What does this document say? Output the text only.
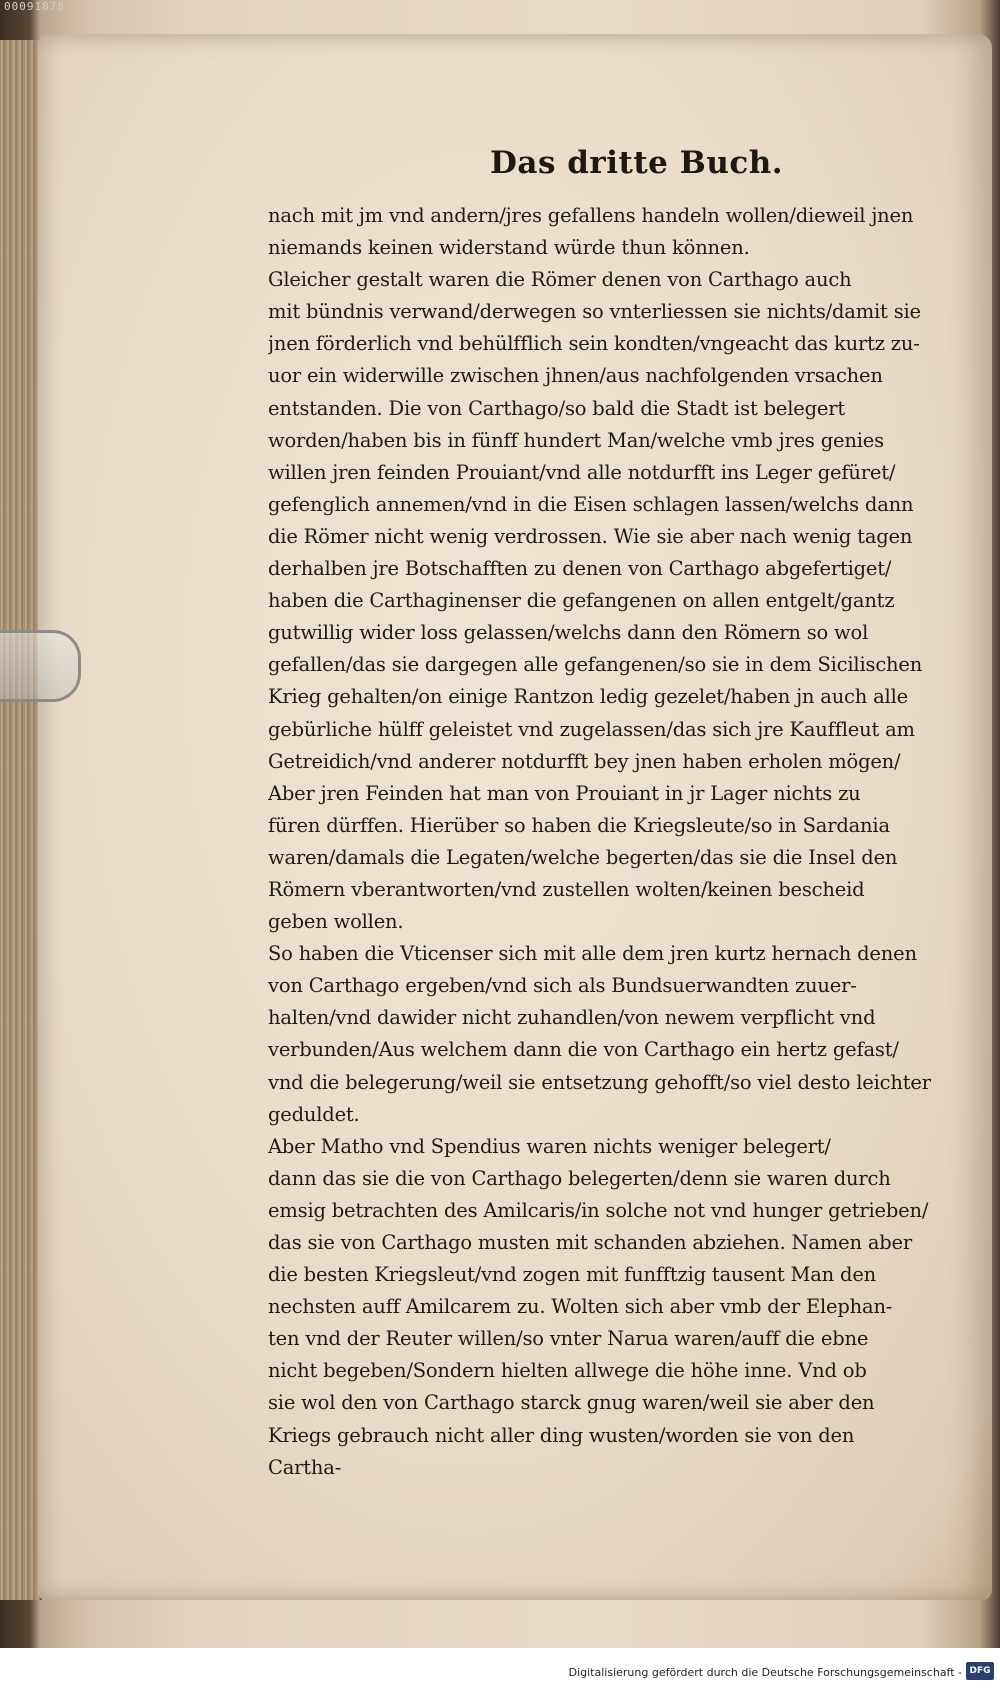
00091878
Das dritte Buch.
nach mit jm vnd andern/jres gefallens handeln wollen/dieweil jnen
niemands keinen widerstand würde thun können.
Gleicher gestalt waren die Römer denen von Carthago auch
mit bündnis verwand/derwegen so vnterliessen sie nichts/damit sie
jnen förderlich vnd behülfflich sein kondten/vngeacht das kurtz zu-
uor ein widerwille zwischen jhnen/aus nachfolgenden vrsachen
entstanden. Die von Carthago/so bald die Stadt ist belegert
worden/haben bis in fünff hundert Man/welche vmb jres genies
willen jren feinden Prouiant/vnd alle notdurfft ins Leger gefüret/
gefenglich annemen/vnd in die Eisen schlagen lassen/welchs dann
die Römer nicht wenig verdrossen. Wie sie aber nach wenig tagen
derhalben jre Botschafften zu denen von Carthago abgefertiget/
haben die Carthaginenser die gefangenen on allen entgelt/gantz
gutwillig wider loss gelassen/welchs dann den Römern so wol
gefallen/das sie dargegen alle gefangenen/so sie in dem Sicilischen
Krieg gehalten/on einige Rantzon ledig gezelet/haben jn auch alle
gebürliche hülff geleistet vnd zugelassen/das sich jre Kauffleut am
Getreidich/vnd anderer notdurfft bey jnen haben erholen mögen/
Aber jren Feinden hat man von Prouiant in jr Lager nichts zu
füren dürffen. Hierüber so haben die Kriegsleute/so in Sardania
waren/damals die Legaten/welche begerten/das sie die Insel den
Römern vberantworten/vnd zustellen wolten/keinen bescheid
geben wollen.
So haben die Vticenser sich mit alle dem jren kurtz hernach denen
von Carthago ergeben/vnd sich als Bundsuerwandten zuuer-
halten/vnd dawider nicht zuhandlen/von newem verpflicht vnd
verbunden/Aus welchem dann die von Carthago ein hertz gefast/
vnd die belegerung/weil sie entsetzung gehofft/so viel desto leichter
geduldet.
Aber Matho vnd Spendius waren nichts weniger belegert/
dann das sie die von Carthago belegerten/denn sie waren durch
emsig betrachten des Amilcaris/in solche not vnd hunger getrieben/
das sie von Carthago musten mit schanden abziehen. Namen aber
die besten Kriegsleut/vnd zogen mit funfftzig tausent Man den
nechsten auff Amilcarem zu. Wolten sich aber vmb der Elephan-
ten vnd der Reuter willen/so vnter Narua waren/auff die ebne
nicht begeben/Sondern hielten allwege die höhe inne. Vnd ob
sie wol den von Carthago starck gnug waren/weil sie aber den
Kriegs gebrauch nicht aller ding wusten/worden sie von den
Cartha-
Digitalisierung gefördert durch die Deutsche Forschungsgemeinschaft - DFG
